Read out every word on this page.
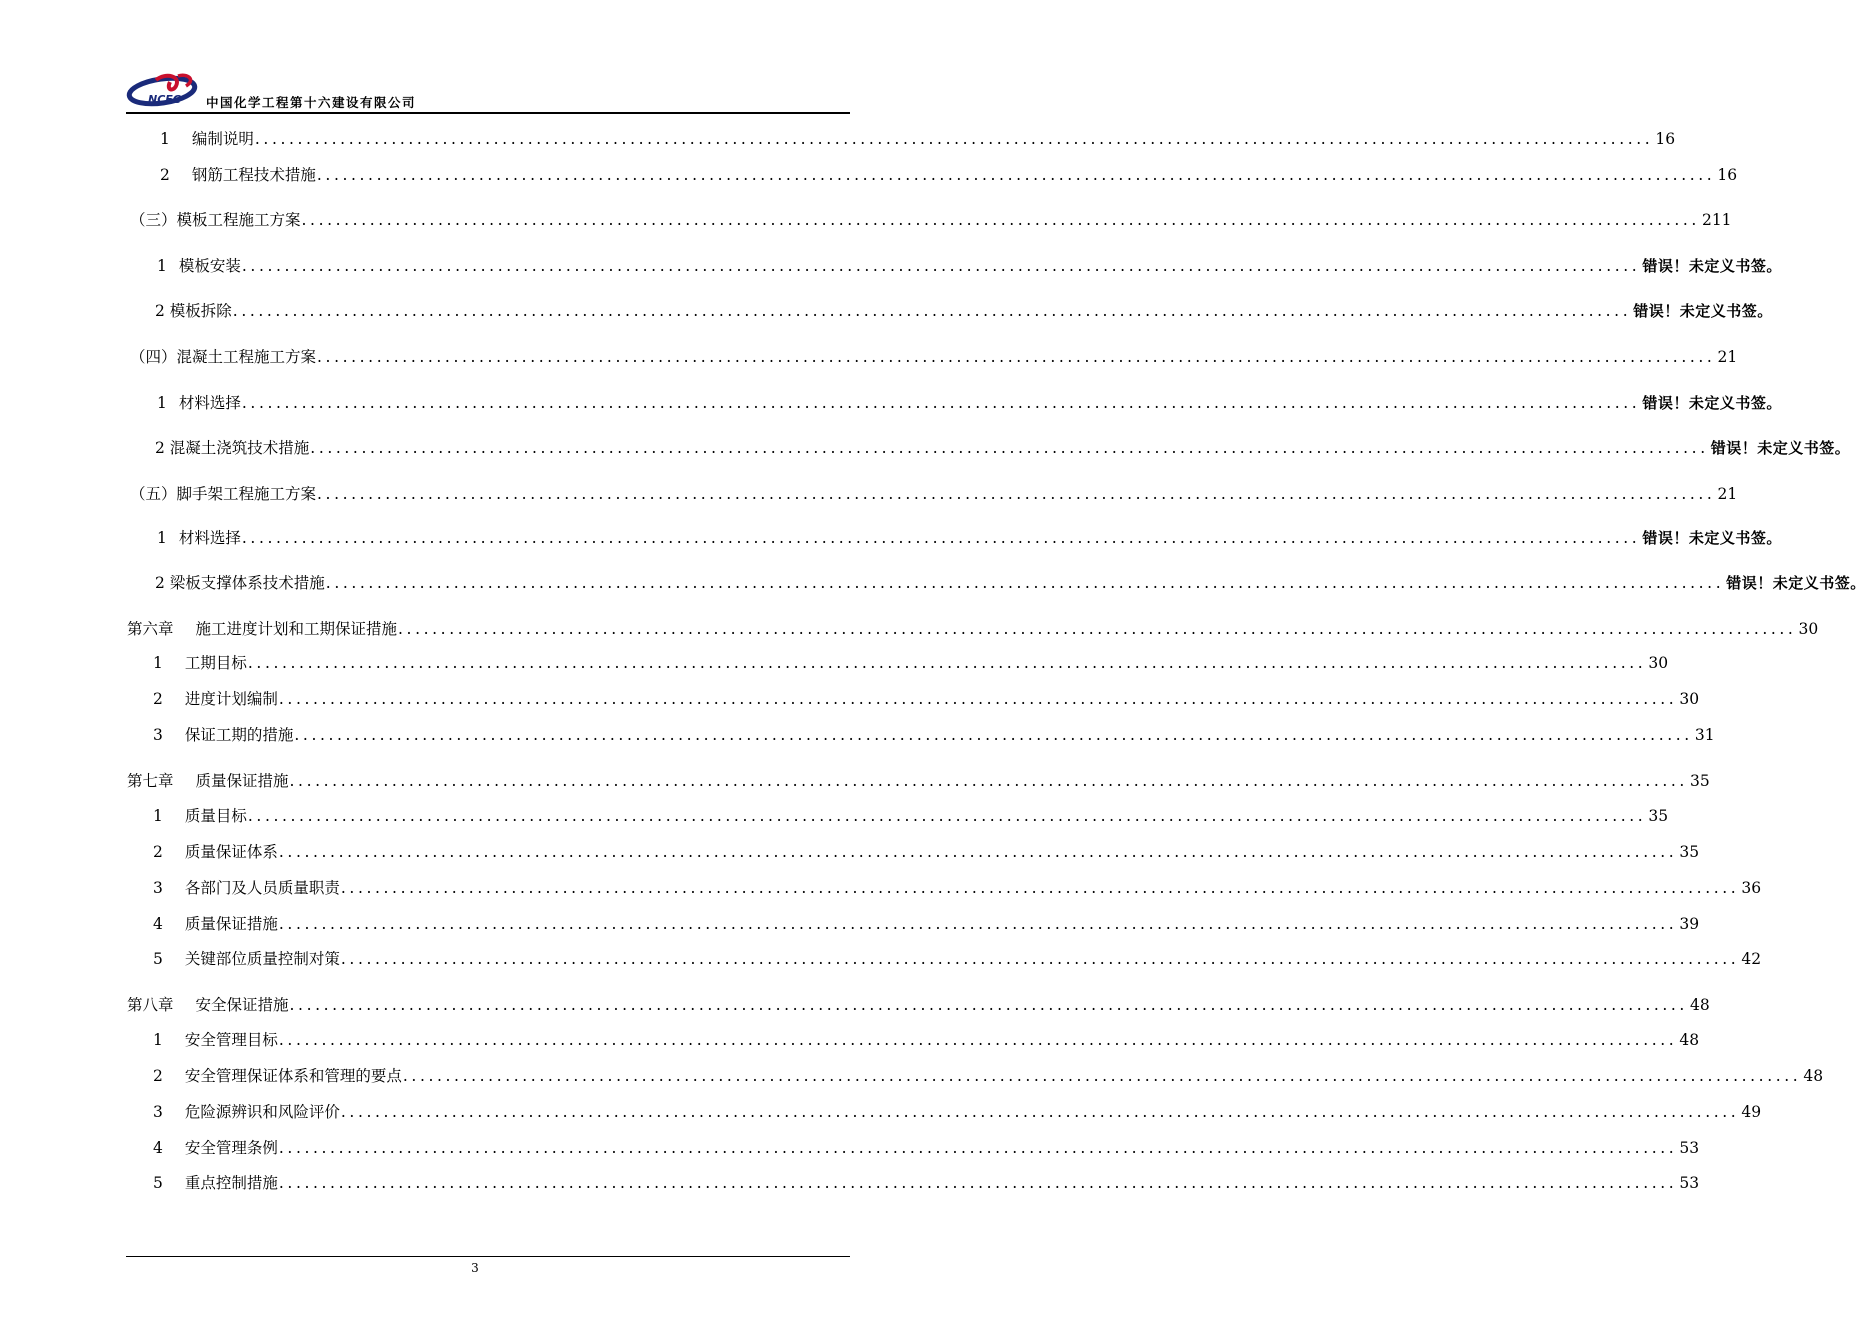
NCEC 中国化学工程第十六建设有限公司
1 编制说明 .................................................................................................................................................................... 16
2 钢筋工程技术措施 .................................................................................................................................................................... 16
（三）模板工程施工方案 .................................................................................................................................................................... 211
1 模板安装 .................................................................................................................................................................... 错误！未定义书签。
2 模板拆除 .................................................................................................................................................................... 错误！未定义书签。
（四）混凝土工程施工方案 .................................................................................................................................................................... 21
1 材料选择 .................................................................................................................................................................... 错误！未定义书签。
2 混凝土浇筑技术措施 .................................................................................................................................................................... 错误！未定义书签。
（五）脚手架工程施工方案 .................................................................................................................................................................... 21
1 材料选择 .................................................................................................................................................................... 错误！未定义书签。
2 梁板支撑体系技术措施 .................................................................................................................................................................... 错误！未定义书签。
第六章 施工进度计划和工期保证措施 .................................................................................................................................................................... 30
1 工期目标 .................................................................................................................................................................... 30
2 进度计划编制 .................................................................................................................................................................... 30
3 保证工期的措施 .................................................................................................................................................................... 31
第七章 质量保证措施 .................................................................................................................................................................... 35
1 质量目标 .................................................................................................................................................................... 35
2 质量保证体系 .................................................................................................................................................................... 35
3 各部门及人员质量职责 .................................................................................................................................................................... 36
4 质量保证措施 .................................................................................................................................................................... 39
5 关键部位质量控制对策 .................................................................................................................................................................... 42
第八章 安全保证措施 .................................................................................................................................................................... 48
1 安全管理目标 .................................................................................................................................................................... 48
2 安全管理保证体系和管理的要点 .................................................................................................................................................................... 48
3 危险源辨识和风险评价 .................................................................................................................................................................... 49
4 安全管理条例 .................................................................................................................................................................... 53
5 重点控制措施 .................................................................................................................................................................... 53
3
